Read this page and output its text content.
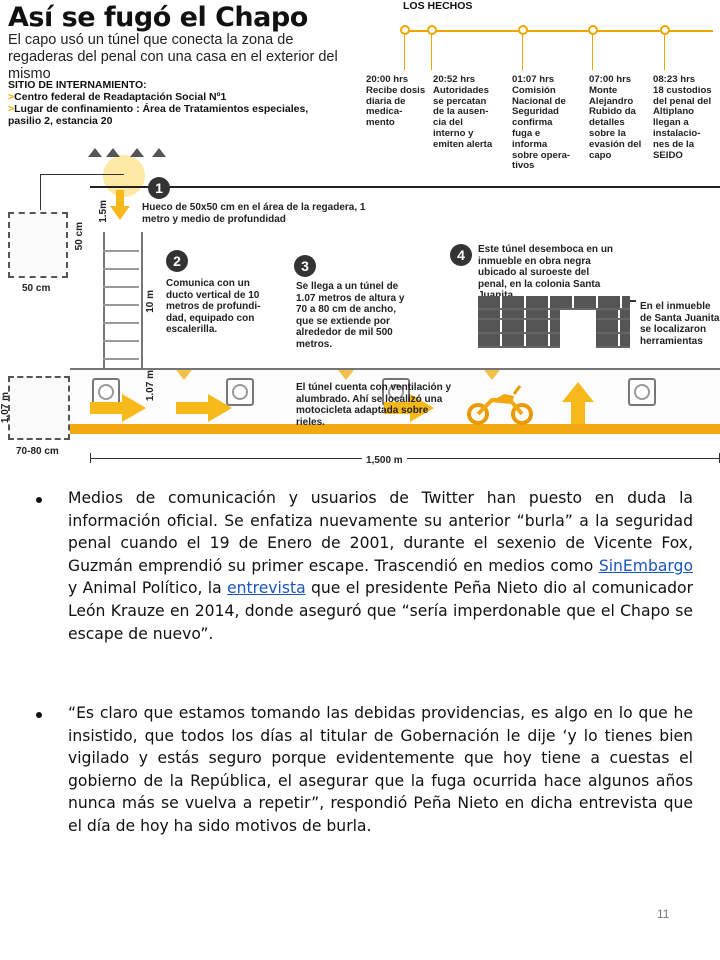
Así se fugó el Chapo
El capo usó un túnel que conecta la zona de regaderas del penal con una casa en el exterior del mismo
SITIO DE INTERNAMIENTO:
>Centro federal de Readaptación Social Nº1
>Lugar de confinamiento : Área de Tratamientos especiales, pasilio 2, estancia 20
LOS HECHOS
20:00 hrs
Recibe dosis diaria de medica-mento
20:52 hrs
Autoridades se percatan de la ausen-cia del interno y emiten alerta
01:07 hrs
Comisión Nacional de Seguridad confirma fuga e informa sobre opera-tivos
07:00 hrs
Monte Alejandro Rubido da detalles sobre la evasión del capo
08:23 hrs
18 custodios del penal del Altiplano llegan a instalacio-nes de la SEIDO
50 cm
50 cm
1
Hueco de 50x50 cm en el área de la regadera, 1 metro y medio de profundidad
1.5m
10 m
2
Comunica con un ducto vertical de 10 metros de profundi-dad, equipado con escalerilla.
3
Se llega a un túnel de 1.07 metros de altura y 70 a 80 cm de ancho, que se extiende por alrededor de mil 500 metros.
4	Este túnel desemboca en un inmueble en obra negra ubicado al suroeste del penal, en la colonia Santa
En el inmueble de Santa Juanita se localizaron herramientas
1.07 m
70-80 cm
1.07 m	El túnel cuenta con ventilación y alumbrado. Ahí se localizó una motocicleta adaptada sobre rieles.
1,500 m
Medios de comunicación y usuarios de Twitter han puesto en duda la información oficial. Se enfatiza nuevamente su anterior “burla” a la seguridad penal cuando el 19 de Enero de 2001, durante el sexenio de Vicente Fox, Guzmán emprendió su primer escape. Trascendió en medios como SinEmbargo y Animal Político, la entrevista que el presidente Peña Nieto dio al comunicador León Krauze en 2014, donde aseguró que “sería imperdonable que el Chapo se escape de nuevo”.
“Es claro que estamos tomando las debidas providencias, es algo en lo que he insistido, que todos los días al titular de Gobernación le dije ‘y lo tienes bien vigilado y estás seguro porque evidentemente que hoy tiene a cuestas el gobierno de la República, el asegurar que la fuga ocurrida hace algunos años nunca más se vuelva a repetir”, respondió Peña Nieto en dicha entrevista que el día de hoy ha sido motivos de burla.
11
